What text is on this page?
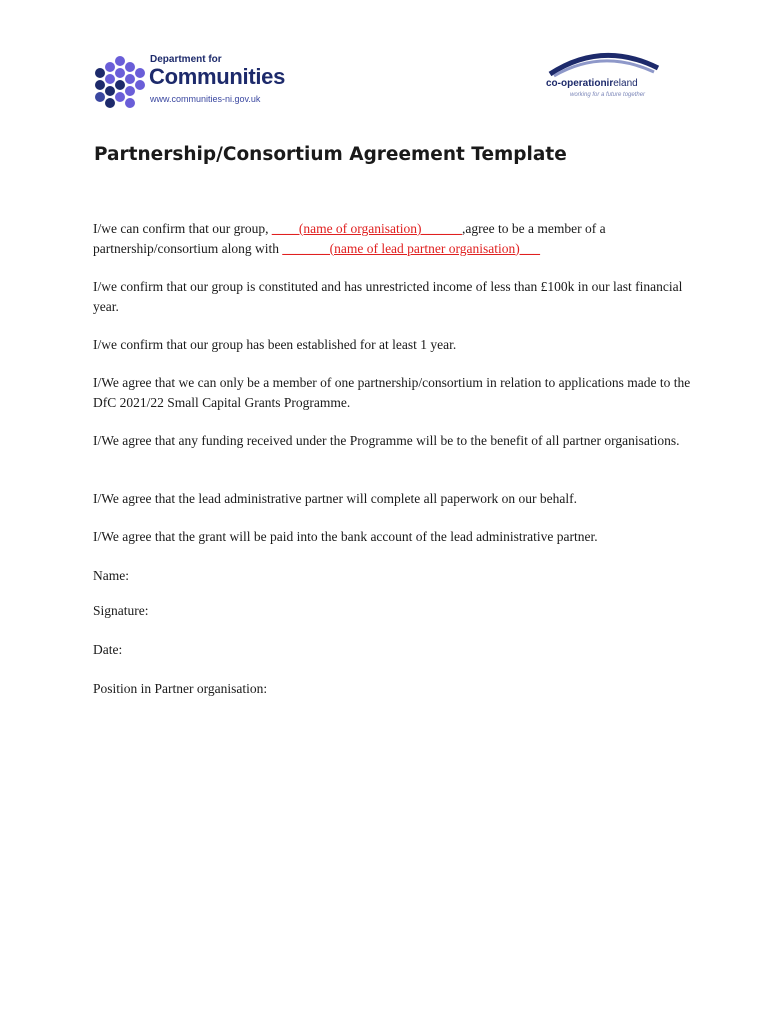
Department for
Communities
www.communities-ni.gov.uk
co-operationireland
working for a future together
Partnership/Consortium Agreement Template
I/we can confirm that our group, ____(name of organisation)______,agree to be a member of a partnership/consortium along with _______(name of lead partner organisation)___
I/we confirm that our group is constituted and has unrestricted income of less than £100k in our last financial year.
I/we confirm that our group has been established for at least 1 year.
I/We agree that we can only be a member of one partnership/consortium in relation to applications made to the DfC 2021/22 Small Capital Grants Programme.
I/We agree that any funding received under the Programme will be to the benefit of all partner organisations.
I/We agree that the lead administrative partner will complete all paperwork on our behalf.
I/We agree that the grant will be paid into the bank account of the lead administrative partner.
Name:
Signature:
Date:
Position in Partner organisation:
